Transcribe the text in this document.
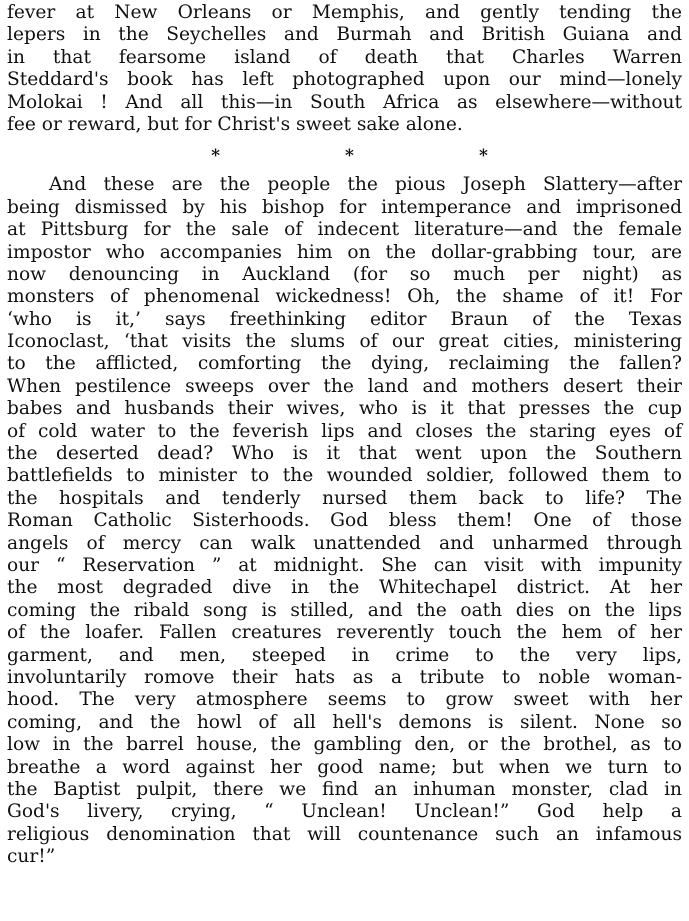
fever at New Orleans or Memphis, and gently tending the
lepers in the Seychelles and Burmah and British Guiana and
in that fearsome island of death that Charles Warren
Steddard's book has left photographed upon our mind—lonely
Molokai ! And all this—in South Africa as elsewhere—without
fee or reward, but for Christ's sweet sake alone.
*	*	*
And these are the people the pious Joseph Slattery—after
being dismissed by his bishop for intemperance and imprisoned
at Pittsburg for the sale of indecent literature—and the female
impostor who accompanies him on the dollar-grabbing tour, are
now denouncing in Auckland (for so much per night) as
monsters of phenomenal wickedness! Oh, the shame of it! For
‘who is it,’ says freethinking editor Braun of the Texas
Iconoclast, ‘that visits the slums of our great cities, ministering
to the afflicted, comforting the dying, reclaiming the fallen?
When pestilence sweeps over the land and mothers desert their
babes and husbands their wives, who is it that presses the cup
of cold water to the feverish lips and closes the staring eyes of
the deserted dead? Who is it that went upon the Southern
battlefields to minister to the wounded soldier, followed them to
the hospitals and tenderly nursed them back to life? The
Roman Catholic Sisterhoods. God bless them! One of those
angels of mercy can walk unattended and unharmed through
our “ Reservation ” at midnight. She can visit with impunity
the most degraded dive in the Whitechapel district. At her
coming the ribald song is stilled, and the oath dies on the lips
of the loafer. Fallen creatures reverently touch the hem of her
garment, and men, steeped in crime to the very lips,
involuntarily romove their hats as a tribute to noble woman-
hood. The very atmosphere seems to grow sweet with her
coming, and the howl of all hell's demons is silent. None so
low in the barrel house, the gambling den, or the brothel, as to
breathe a word against her good name; but when we turn to
the Baptist pulpit, there we find an inhuman monster, clad in
God's livery, crying, “ Unclean! Unclean!” God help a
religious denomination that will countenance such an infamous
cur!”
